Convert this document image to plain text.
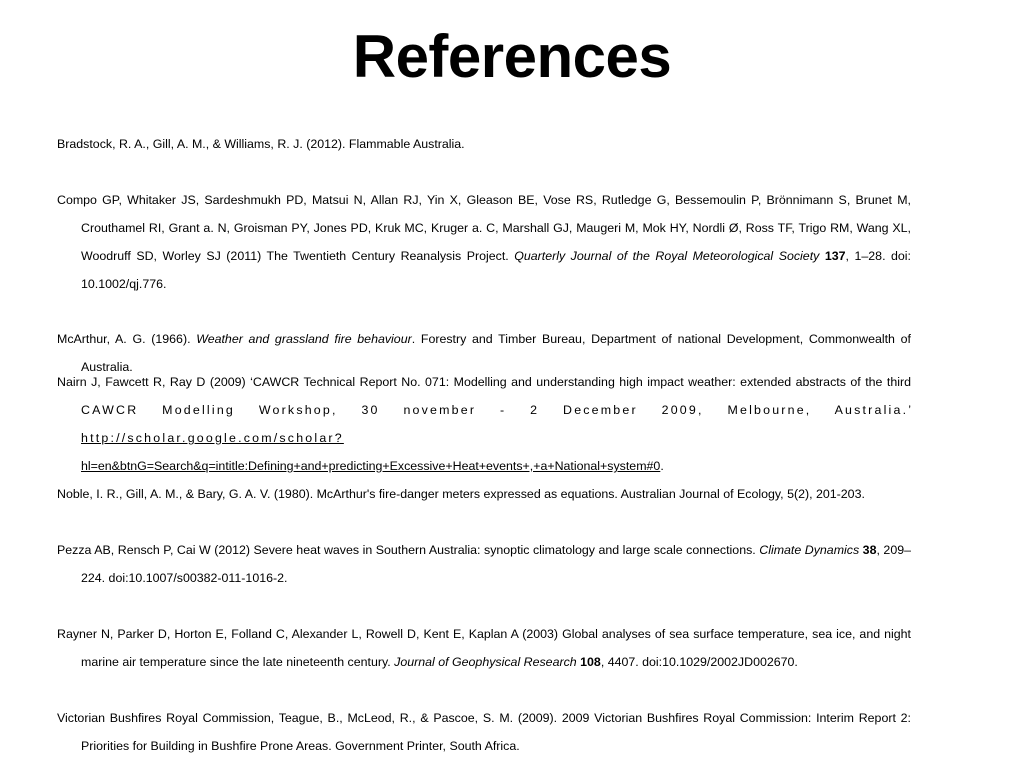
References
Bradstock, R. A., Gill, A. M., & Williams, R. J. (2012). Flammable Australia.
Compo GP, Whitaker JS, Sardeshmukh PD, Matsui N, Allan RJ, Yin X, Gleason BE, Vose RS, Rutledge G, Bessemoulin P, Brönnimann S, Brunet M, Crouthamel RI, Grant a. N, Groisman PY, Jones PD, Kruk MC, Kruger a. C, Marshall GJ, Maugeri M, Mok HY, Nordli Ø, Ross TF, Trigo RM, Wang XL, Woodruff SD, Worley SJ (2011) The Twentieth Century Reanalysis Project. Quarterly Journal of the Royal Meteorological Society 137, 1–28. doi: 10.1002/qj.776.
McArthur, A. G. (1966). Weather and grassland fire behaviour. Forestry and Timber Bureau, Department of national Development, Commonwealth of Australia.
Nairn J, Fawcett R, Ray D (2009) ‘CAWCR Technical Report No. 071: Modelling and understanding high impact weather: extended abstracts of the third CAWCR Modelling Workshop, 30 november - 2 December 2009, Melbourne, Australia.’ http://scholar.google.com/scholar? hl=en&btnG=Search&q=intitle:Defining+and+predicting+Excessive+Heat+events+,+a+National+system#0.
Noble, I. R., Gill, A. M., & Bary, G. A. V. (1980). McArthur's fire-danger meters expressed as equations. Australian Journal of Ecology, 5(2), 201-203.
Pezza AB, Rensch P, Cai W (2012) Severe heat waves in Southern Australia: synoptic climatology and large scale connections. Climate Dynamics 38, 209–224. doi:10.1007/s00382-011-1016-2.
Rayner N, Parker D, Horton E, Folland C, Alexander L, Rowell D, Kent E, Kaplan A (2003) Global analyses of sea surface temperature, sea ice, and night marine air temperature since the late nineteenth century. Journal of Geophysical Research 108, 4407. doi:10.1029/2002JD002670.
Victorian Bushfires Royal Commission, Teague, B., McLeod, R., & Pascoe, S. M. (2009). 2009 Victorian Bushfires Royal Commission: Interim Report 2: Priorities for Building in Bushfire Prone Areas. Government Printer, South Africa.
